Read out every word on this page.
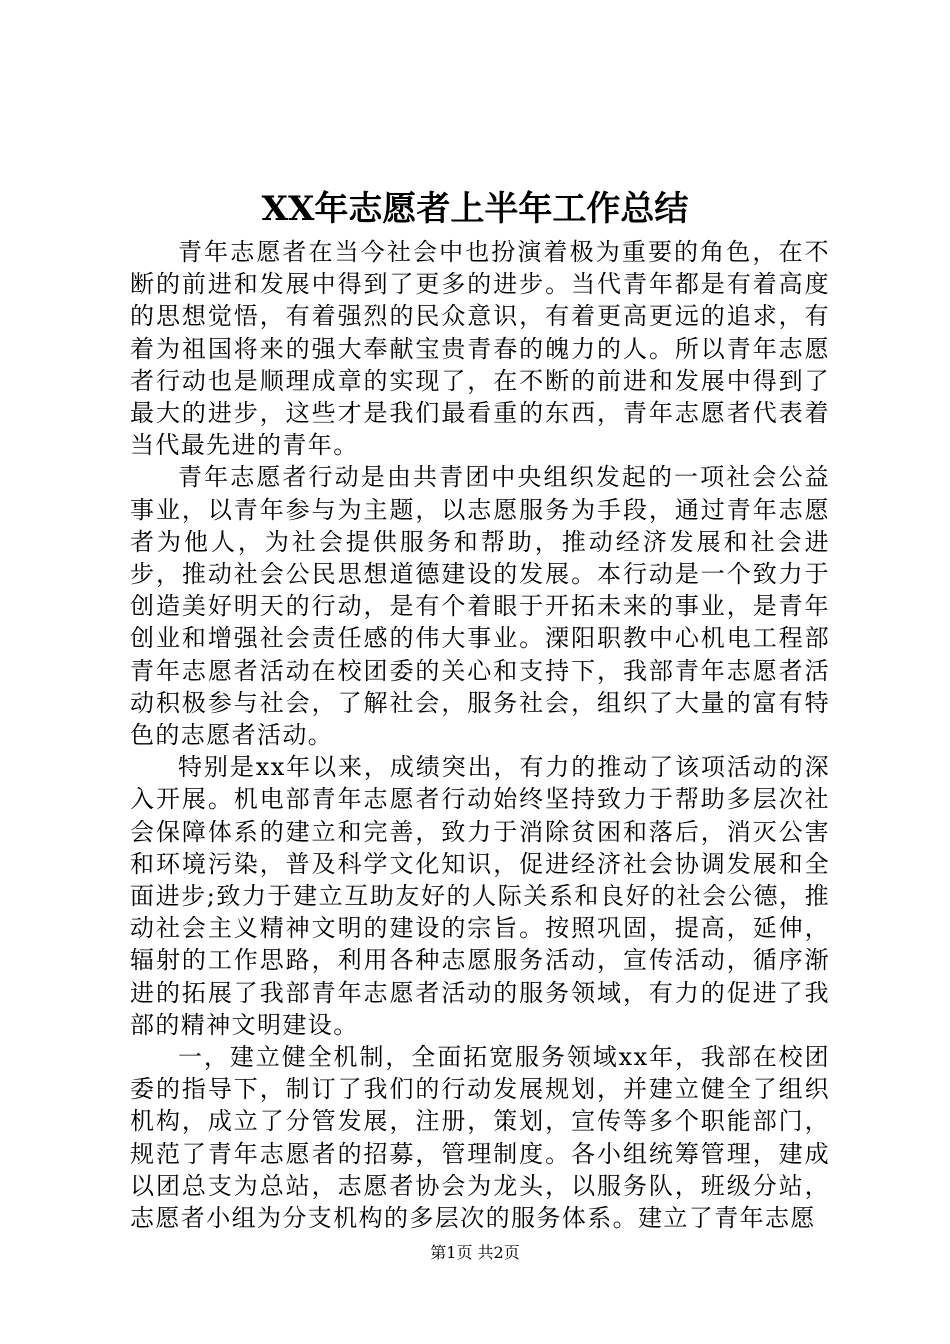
XX年志愿者上半年工作总结

青年志愿者在当今社会中也扮演着极为重要的角色，在不断的前进和发展中得到了更多的进步。当代青年都是有着高度的思想觉悟，有着强烈的民众意识，有着更高更远的追求，有着为祖国将来的强大奉献宝贵青春的魄力的人。所以青年志愿者行动也是顺理成章的实现了，在不断的前进和发展中得到了最大的进步，这些才是我们最看重的东西，青年志愿者代表着当代最先进的青年。

青年志愿者行动是由共青团中央组织发起的一项社会公益事业，以青年参与为主题，以志愿服务为手段，通过青年志愿者为他人，为社会提供服务和帮助，推动经济发展和社会进步，推动社会公民思想道德建设的发展。本行动是一个致力于创造美好明天的行动，是有个着眼于开拓未来的事业，是青年创业和增强社会责任感的伟大事业。溧阳职教中心机电工程部青年志愿者活动在校团委的关心和支持下，我部青年志愿者活动积极参与社会，了解社会，服务社会，组织了大量的富有特色的志愿者活动。

特别是xx年以来，成绩突出，有力的推动了该项活动的深入开展。机电部青年志愿者行动始终坚持致力于帮助多层次社会保障体系的建立和完善，致力于消除贫困和落后，消灭公害和环境污染，普及科学文化知识，促进经济社会协调发展和全面进步;致力于建立互助友好的人际关系和良好的社会公德，推动社会主义精神文明的建设的宗旨。按照巩固，提高，延伸，辐射的工作思路，利用各种志愿服务活动，宣传活动，循序渐进的拓展了我部青年志愿者活动的服务领域，有力的促进了我部的精神文明建设。

一，建立健全机制，全面拓宽服务领域xx年，我部在校团委的指导下，制订了我们的行动发展规划，并建立健全了组织机构，成立了分管发展，注册，策划，宣传等多个职能部门，规范了青年志愿者的招募，管理制度。各小组统筹管理，建成以团总支为总站，志愿者协会为龙头，以服务队，班级分站，志愿者小组为分支机构的多层次的服务体系。建立了青年志愿

第1页 共2页
